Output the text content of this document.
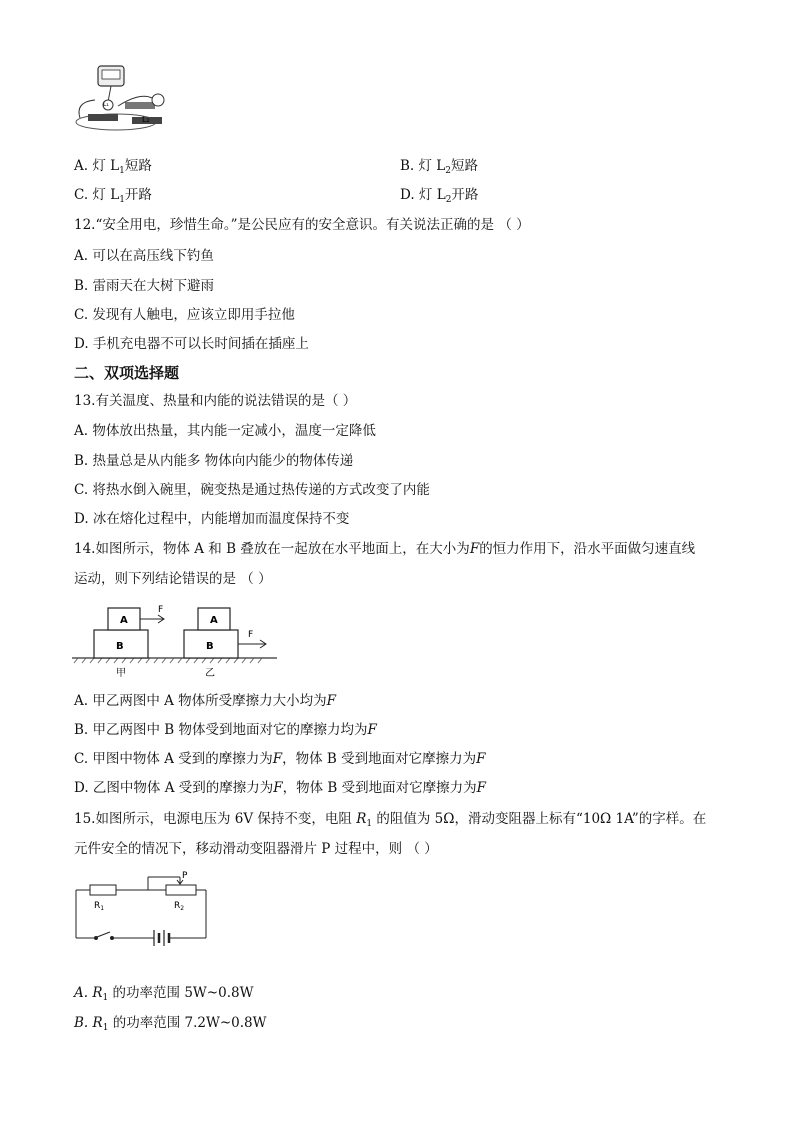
L₂
L₁
A. 灯 $L_1$短路	B. 灯 $L_2$短路
C. 灯 $L_1$开路	D. 灯 $L_2$开路
12.“安全用电，珍惜生命。”是公民应有的安全意识。有关说法正确的是 （ ）
A. 可以在高压线下钓鱼
B. 雷雨天在大树下避雨
C. 发现有人触电，应该立即用手拉他
D. 手机充电器不可以长时间插在插座上
二、双项选择题
13.有关温度、热量和内能的说法错误的是（ ）
A. 物体放出热量，其内能一定减小，温度一定降低
B. 热量总是从内能多 物体向内能少的物体传递
C. 将热水倒入碗里，碗变热是通过热传递的方式改变了内能
D. 冰在熔化过程中，内能增加而温度保持不变
14.如图所示，物体 A 和 B 叠放在一起放在水平地面上，在大小为F的恒力作用下，沿水平面做匀速直线
运动，则下列结论错误的是 （ ）
A
B
F
A
B
F
甲	乙
A. 甲乙两图中 A 物体所受摩擦力大小均为F
B. 甲乙两图中 B 物体受到地面对它的摩擦力均为F
C. 甲图中物体 A 受到的摩擦力为F，物体 B 受到地面对它摩擦力为F
D. 乙图中物体 A 受到的摩擦力为F，物体 B 受到地面对它摩擦力为F
15.如图所示，电源电压为 6V 保持不变，电阻 $R_1$ 的阻值为 5Ω，滑动变阻器上标有“10Ω 1A”的字样。在
元件安全的情况下，移动滑动变阻器滑片 P 过程中，则 （ ）
P
$R_1$	$R_2$
A. $R_1$ 的功率范围 5W~0.8W
B. $R_1$ 的功率范围 7.2W~0.8W
